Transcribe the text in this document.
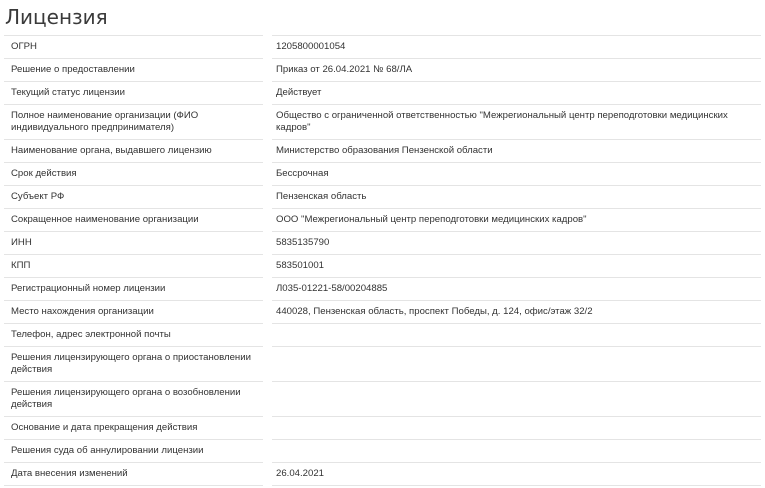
Лицензия
ОГРН		1205800001054
Решение о предоставлении		Приказ от 26.04.2021 № 68/ЛА
Текущий статус лицензии		Действует
Полное наименование организации (ФИО индивидуального предпринимателя)		Общество с ограниченной ответственностью "Межрегиональный центр переподготовки медицинских кадров"
Наименование органа, выдавшего лицензию		Министерство образования Пензенской области
Срок действия		Бессрочная
Субъект РФ		Пензенская область
Сокращенное наименование организации		ООО "Межрегиональный центр переподготовки медицинских кадров"
ИНН		5835135790
КПП		583501001
Регистрационный номер лицензии		Л035-01221-58/00204885
Место нахождения организации		440028, Пензенская область, проспект Победы, д. 124, офис/этаж 32/2
Телефон, адрес электронной почты		
Решения лицензирующего органа о приостановлении действия		
Решения лицензирующего органа о возобновлении действия		
Основание и дата прекращения действия		
Решения суда об аннулировании лицензии		
Дата внесения изменений		26.04.2021
